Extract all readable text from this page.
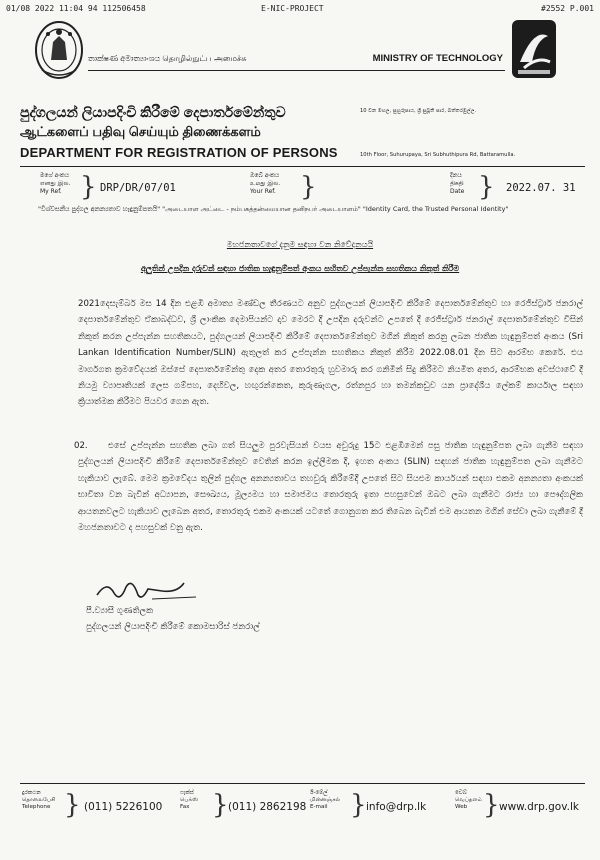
01/08 2022 11:04 94 112506458	E-NIC-PROJECT	#2552 P.001
තාක්ෂණ අමාත්‍යාංශය தொழில்நுட்ப அமைச்சு	MINISTRY OF TECHNOLOGY
පුද්ගලයන් ලියාපදිංචි කිරීමේ දෙපාර්තමේන්තුව	10 වන මහල, සුහුරුපාය, ශ්‍රී සුබූති පාර, බත්තරමුල්ල.
ஆட்களைப் பதிவு செய்யும் திணைக்களம்
DEPARTMENT FOR REGISTRATION OF PERSONS	10th Floor, Suhurupaya, Sri Subhuthipura Rd, Battaramulla.
මගේ අංකය
எனது இல.
My Ref. } DRP/DR/07/01
ඔබේ අංකය
உமது இல.
Your Ref. }	දිනය
திகதி
Date } 2022.07. 31
"විශ්වසනීය පුද්ගල අනන්‍යතාව හැඳුනුම්පතයි" "அடையாள அட்டை - நம்பகத்தன்மையான தனிநபர் அடையாளம்" "Identity Card, the Trusted Personal Identity"
මහජනතාවගේ දැනුම සඳහා වන නිවේදනයයි
අලුතින් උපදින දරුවන් සඳහා ජාතික හැඳුනුම්පත් අංකය සහිතව උප්පැන්න සහතිකය නිකුත් කිරීම
2021දෙසැම්බර් මස 14 දින එළඹි අමාත්‍ය මණ්ඩල තීරණයට අනුව පුද්ගලයන් ලියාපදිංචි කිරීමේ දෙපාර්තමේන්තුව හා රෙජිස්ට්‍රාර් ජනරාල් දෙපාර්තමේන්තුව ඒකාබද්ධව, ශ්‍රී ලාංකික දෙමාපියන්ට දාව මෙරට දී උපදින දරුවන්ට උපතේ දී රෙජිස්ට්‍රාර් ජනරාල් දෙපාර්තමේන්තුව විසින් නිකුත් කරන උප්පැන්න සහතිකයට, පුද්ගලයන් ලියාපදිංචි කිරීමේ දෙපාර්තමේන්තුව මගින් නිකුත් කරනු ලබන ජාතික හැඳුනුම්පත් අංකය (Sri Lankan Identification Number/SLIN) ඇතුලත් කර උප්පැන්න සහතිකය නිකුත් කිරීම 2022.08.01 දින සිට ආරම්භ කෙරේ. එය මාර්ගගත ක්‍රමවේදයක් ඔස්සේ දෙපාර්තමේන්තු දෙක අතර තොරතුරු හුවමාරු කර ගනිමින් සිදු කිරීමට නියමිත අතර, ආරම්භක අවස්ථාවේ දී නියමු ව්‍යාපෘතියක් ලෙස ගම්පහ, දෙහිවල, හඟුරන්කෙත, කුරුණෑගල, රත්නපුර හා තමන්කඩුව යන ප්‍රාදේශීය ලේකම් කාර්යාල සඳහා ක්‍රියාත්මක කිරීමට පියවර ගෙන ඇත.
02.	එසේ උප්පැන්න සහතික ලබා ගත් සියලුම පුරවැසියන් වයස අවුරුදු 15ට එළඹීමෙන් පසු ජාතික හැඳුනුම්පත ලබා ගැනීම සඳහා පුද්ගලයන් ලියාපදිංචි කිරීමේ දෙපාර්තමේන්තුව වෙතින් කරන ඉල්ලීමක දී, ඉහත අංකය (SLIN) සඳහන් ජාතික හැඳුනුම්පත ලබා ගැනීමට හැකියාව ලැබේ. මෙම ක්‍රමවේදය තුලින් පුද්ගල අනන්‍යතාවය තහවුරු කිරීමේදී උපතේ සිට සියළුම කාර්යයන් සඳහා එකම අනන්‍යතා අංකයක් භාවිතා වන බැවින් අධ්‍යාපන, සෞඛ්‍යය, මූල්‍යමය හා සමාජමය තොරතුරු ඉතා පහසුවෙන් ඔබට ලබා ගැනීමට රාජ්‍ය හා පෞද්ගලික ආයතනවලට හැකියාව ලැබෙන අතර, තොරතුරු එකම අංකයක් යටතේ ගොනුගත කර තිබෙන බැවින් එම ආයතන මගින් සේවා ලබා ගැනීමේ දී මහජනතාවට ද පහසුවක් වනු ඇත.
පී.ව්‍යාසී ගුණතිලක
පුද්ගලයන් ලියාපදිංචි කිරීමේ කොමසාරිස් ජනරාල්
දුරකථන
தொலைபேசி
Telephone } (011) 5226100
ෆැක්ස්
பெக்ஸ்
Fax } (011) 2862198
ඊ-මේල්
மின்னஞ்சல்
E-mail } info@drp.lk
වෙබ්
வெப்தளம்
Web } www.drp.gov.lk
